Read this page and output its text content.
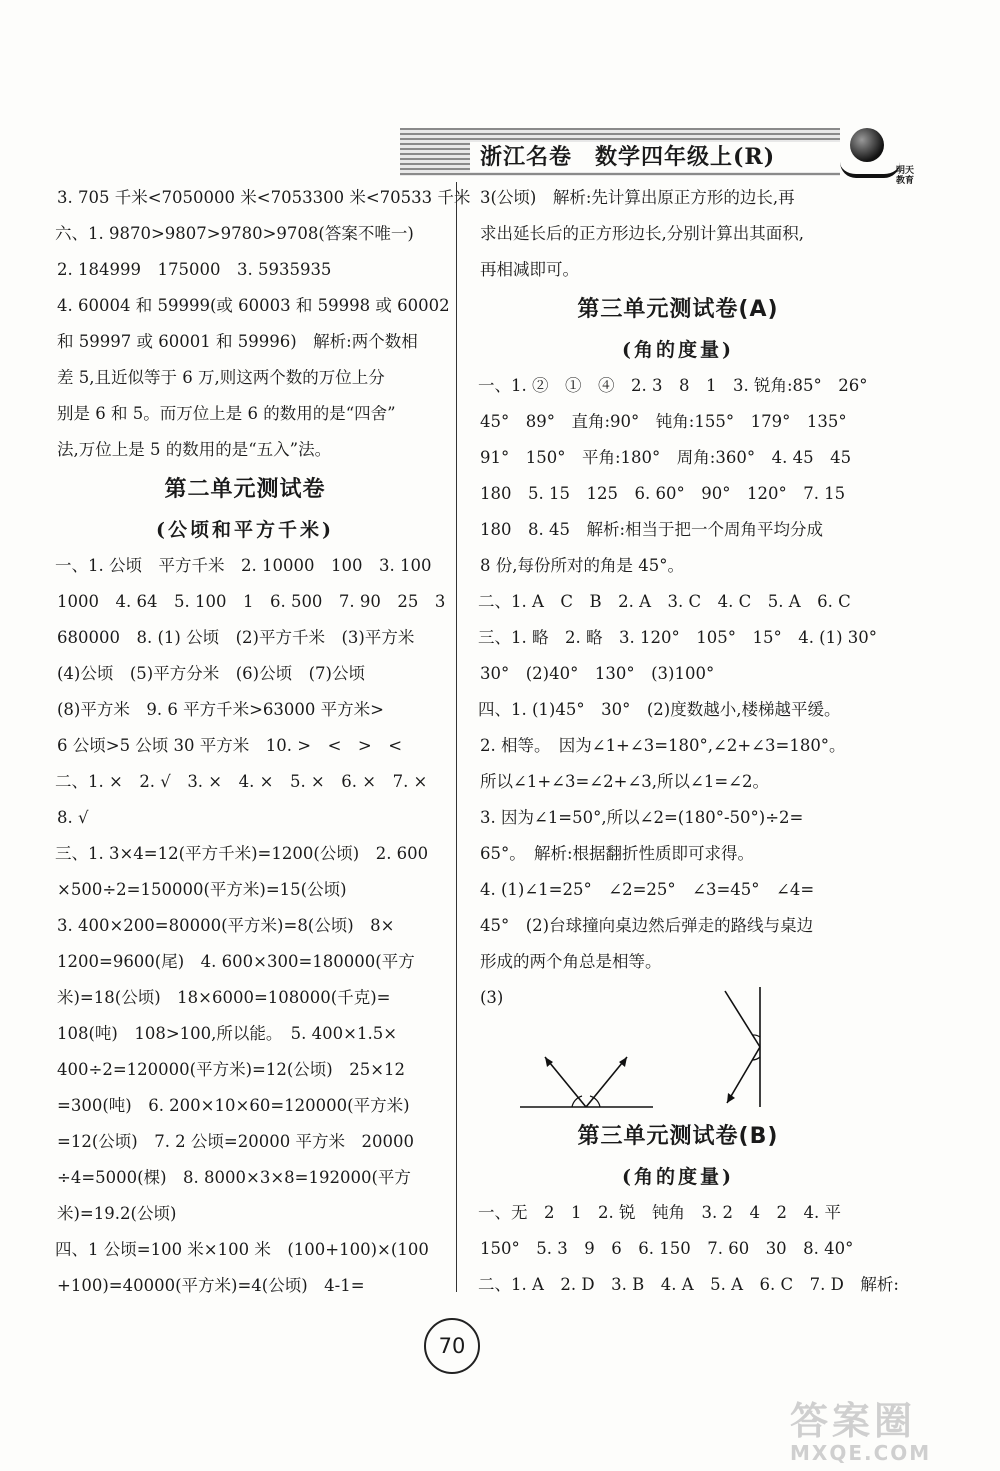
浙江名卷　数学四年级上(R)
明天教育
3. 705 千米<7050000 米<7053300 米<70533 千米
六、1. 9870>9807>9780>9708(答案不唯一)
2. 184999　175000　3. 5935935
4. 60004 和 59999(或 60003 和 59998 或 60002
和 59997 或 60001 和 59996)　解析:两个数相
差 5,且近似等于 6 万,则这两个数的万位上分
别是 6 和 5。而万位上是 6 的数用的是“四舍”
法,万位上是 5 的数用的是“五入”法。
第二单元测试卷
(公顷和平方千米)
一、1. 公顷　平方千米　2. 10000　100　3. 100
1000　4. 64　5. 100　1　6. 500　7. 90　25　3
680000　8. (1) 公顷　(2)平方千米　(3)平方米
(4)公顷　(5)平方分米　(6)公顷　(7)公顷
(8)平方米　9. 6 平方千米>63000 平方米>
6 公顷>5 公顷 30 平方米　10. >　<　>　<
二、1. ×　2. √　3. ×　4. ×　5. ×　6. ×　7. ×
8. √
三、1. 3×4=12(平方千米)=1200(公顷)　2. 600
×500÷2=150000(平方米)=15(公顷)
3. 400×200=80000(平方米)=8(公顷)　8×
1200=9600(尾)　4. 600×300=180000(平方
米)=18(公顷)　18×6000=108000(千克)=
108(吨)　108>100,所以能。　5. 400×1.5×
400÷2=120000(平方米)=12(公顷)　25×12
=300(吨)　6. 200×10×60=120000(平方米)
=12(公顷)　7. 2 公顷=20000 平方米　20000
÷4=5000(棵)　8. 8000×3×8=192000(平方
米)=19.2(公顷)
四、1 公顷=100 米×100 米　(100+100)×(100
+100)=40000(平方米)=4(公顷)　4-1=
3(公顷)　解析:先计算出原正方形的边长,再
求出延长后的正方形边长,分别计算出其面积,
再相减即可。
第三单元测试卷(A)
(角的度量)
一、1. ②　①　④　2. 3　8　1　3. 锐角:85°　26°
45°　89°　直角:90°　钝角:155°　179°　135°
91°　150°　平角:180°　周角:360°　4. 45　45
180　5. 15　125　6. 60°　90°　120°　7. 15
180　8. 45　解析:相当于把一个周角平均分成
8 份,每份所对的角是 45°。
二、1. A　C　B　2. A　3. C　4. C　5. A　6. C
三、1. 略　2. 略　3. 120°　105°　15°　4. (1) 30°
30°　(2)40°　130°　(3)100°
四、1. (1)45°　30°　(2)度数越小,楼梯越平缓。
2. 相等。　因为∠1+∠3=180°,∠2+∠3=180°。
所以∠1+∠3=∠2+∠3,所以∠1=∠2。
3. 因为∠1=50°,所以∠2=(180°-50°)÷2=
65°。　解析:根据翻折性质即可求得。
4. (1)∠1=25°　∠2=25°　∠3=45°　∠4=
45°　(2)台球撞向桌边然后弹走的路线与桌边
形成的两个角总是相等。
(3)
第三单元测试卷(B)
(角的度量)
一、无　2　1　2. 锐　钝角　3. 2　4　2　4. 平
150°　5. 3　9　6　6. 150　7. 60　30　8. 40°
二、1. A　2. D　3. B　4. A　5. A　6. C　7. D　解析:
70
答案圈
MXQE.COM
